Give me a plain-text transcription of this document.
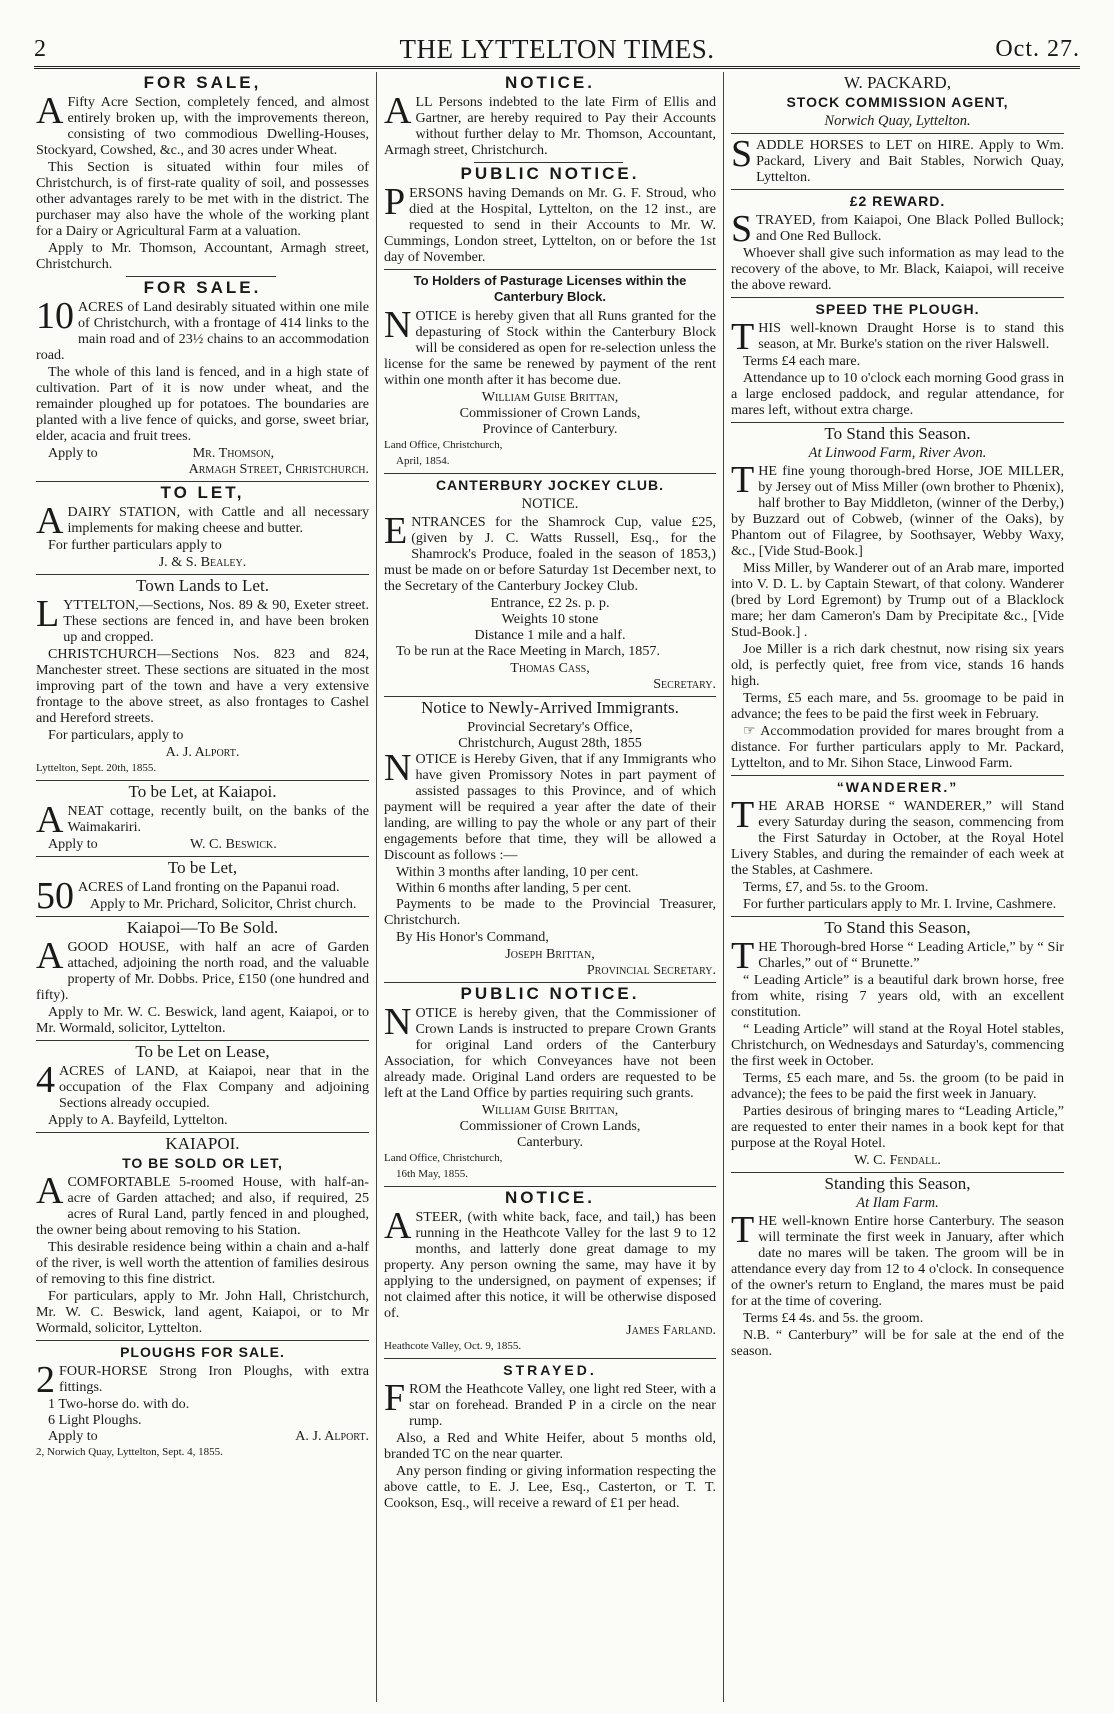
2	THE LYTTELTON TIMES.	Oct. 27.
FOR SALE,

A Fifty Acre Section, completely fenced, and almost entirely broken up, with the improvements thereon, consisting of two commodious Dwelling-Houses, Stockyard, Cowshed, &c., and 30 acres under Wheat.

This Section is situated within four miles of Christchurch, is of first-rate quality of soil, and possesses other advantages rarely to be met with in the district. The purchaser may also have the whole of the working plant for a Dairy or Agricultural Farm at a valuation.

Apply to Mr. Thomson, Accountant, Armagh street, Christchurch.

FOR SALE.

10 ACRES of Land desirably situated within one mile of Christchurch, with a frontage of 414 links to the main road and of 23½ chains to an accommodation road.

The whole of this land is fenced, and in a high state of cultivation. Part of it is now under wheat, and the remainder ploughed up for potatoes. The boundaries are planted with a live fence of quicks, and gorse, sweet briar, elder, acacia and fruit trees.

Apply to	Mr. Thomson,
Armagh Street, Christchurch.
TO LET,

ADAIRY STATION, with Cattle and all necessary implements for making cheese and butter.

For further particulars apply to

J. & S. Bealey.
Town Lands to Let.

LYTTELTON,—Sections, Nos. 89 & 90, Exeter street. These sections are fenced in, and have been broken up and cropped.

CHRISTCHURCH—Sections Nos. 823 and 824, Manchester street. These sections are situated in the most improving part of the town and have a very extensive frontage to the above street, as also frontages to Cashel and Hereford streets.

For particulars, apply to

A. J. Alport.
Lyttelton, Sept. 20th, 1855.
To be Let, at Kaiapoi.

ANEAT cottage, recently built, on the banks of the Waimakariri.

Apply to	W. C. Beswick.
To be Let,

50 ACRES of Land fronting on the Papanui road.

Apply to Mr. Prichard, Solicitor, Christ church.

Kaiapoi—To Be Sold.

AGOOD HOUSE, with half an acre of Garden attached, adjoining the north road, and the valuable property of Mr. Dobbs. Price, £150 (one hundred and fifty).

Apply to Mr. W. C. Beswick, land agent, Kaiapoi, or to Mr. Wormald, solicitor, Lyttelton.

To be Let on Lease,

4 ACRES of LAND, at Kaiapoi, near that in the occupation of the Flax Company and adjoining Sections already occupied.

Apply to A. Bayfeild, Lyttelton.

KAIAPOI.
TO BE SOLD OR LET,

ACOMFORTABLE 5-roomed House, with half-an-acre of Garden attached; and also, if required, 25 acres of Rural Land, partly fenced in and ploughed, the owner being about removing to his Station.

This desirable residence being within a chain and a-half of the river, is well worth the attention of families desirous of removing to this fine district.

For particulars, apply to Mr. John Hall, Christchurch, Mr. W. C. Beswick, land agent, Kaiapoi, or to Mr Wormald, solicitor, Lyttelton.

PLOUGHS FOR SALE.

2 FOUR-HORSE Strong Iron Ploughs, with extra fittings.

1 Two-horse do. with do.
6 Light Ploughs.
Apply to	A. J. Alport.
2, Norwich Quay, Lyttelton, Sept. 4, 1855.
NOTICE.

ALL Persons indebted to the late Firm of Ellis and Gartner, are hereby required to Pay their Accounts without further delay to Mr. Thomson, Accountant, Armagh street, Christchurch.

PUBLIC NOTICE.

PERSONS having Demands on Mr. G. F. Stroud, who died at the Hospital, Lyttelton, on the 12 inst., are requested to send in their Accounts to Mr. W. Cummings, London street, Lyttelton, on or before the 1st day of November.

To Holders of Pasturage Licenses within the Canterbury Block.

NOTICE is hereby given that all Runs granted for the depasturing of Stock within the Canterbury Block will be considered as open for re-selection unless the license for the same be renewed by payment of the rent within one month after it has become due.

William Guise Brittan,
Commissioner of Crown Lands,
Province of Canterbury.
Land Office, Christchurch,
April, 1854.
CANTERBURY JOCKEY CLUB.
NOTICE.

ENTRANCES for the Shamrock Cup, value £25, (given by J. C. Watts Russell, Esq., for the Shamrock's Produce, foaled in the season of 1853,) must be made on or before Saturday 1st December next, to the Secretary of the Canterbury Jockey Club.

Entrance, £2 2s. p. p.
Weights 10 stone
Distance 1 mile and a half.

To be run at the Race Meeting in March, 1857.

Thomas Cass,
Secretary.
Notice to Newly-Arrived Immigrants.
Provincial Secretary's Office,
Christchurch, August 28th, 1855

NOTICE is Hereby Given, that if any Immigrants who have given Promissory Notes in part payment of assisted passages to this Province, and of which payment will be required a year after the date of their landing, are willing to pay the whole or any part of their engagements before that time, they will be allowed a Discount as follows :—

Within 3 months after landing, 10 per cent.
Within 6 months after landing, 5 per cent.

Payments to be made to the Provincial Treasurer, Christchurch.

By His Honor's Command,

Joseph Brittan,
Provincial Secretary.
PUBLIC NOTICE.

NOTICE is hereby given, that the Commissioner of Crown Lands is instructed to prepare Crown Grants for original Land orders of the Canterbury Association, for which Conveyances have not been already made. Original Land orders are requested to be left at the Land Office by parties requiring such grants.

William Guise Brittan,
Commissioner of Crown Lands,
Canterbury.
Land Office, Christchurch,
16th May, 1855.
NOTICE.

ASTEER, (with white back, face, and tail,) has been running in the Heathcote Valley for the last 9 to 12 months, and latterly done great damage to my property. Any person owning the same, may have it by applying to the undersigned, on payment of expenses; if not claimed after this notice, it will be otherwise disposed of.

James Farland.
Heathcote Valley, Oct. 9, 1855.
STRAYED.

FROM the Heathcote Valley, one light red Steer, with a star on forehead. Branded P in a circle on the near rump.

Also, a Red and White Heifer, about 5 months old, branded TC on the near quarter.

Any person finding or giving information respecting the above cattle, to E. J. Lee, Esq., Casterton, or T. T. Cookson, Esq., will receive a reward of £1 per head.

W. PACKARD,
STOCK COMMISSION AGENT,
Norwich Quay, Lyttelton.

SADDLE HORSES to LET on HIRE. Apply to Wm. Packard, Livery and Bait Stables, Norwich Quay, Lyttelton.

£2 REWARD.

STRAYED, from Kaiapoi, One Black Polled Bullock; and One Red Bullock.

Whoever shall give such information as may lead to the recovery of the above, to Mr. Black, Kaiapoi, will receive the above reward.

SPEED THE PLOUGH.

THIS well-known Draught Horse is to stand this season, at Mr. Burke's station on the river Halswell.

Terms £4 each mare.

Attendance up to 10 o'clock each morning Good grass in a large enclosed paddock, and regular attendance, for mares left, without extra charge.

To Stand this Season.
At Linwood Farm, River Avon.

THE fine young thorough-bred Horse, JOE MILLER, by Jersey out of Miss Miller (own brother to Phœnix), half brother to Bay Middleton, (winner of the Derby,) by Buzzard out of Cobweb, (winner of the Oaks), by Phantom out of Filagree, by Soothsayer, Webby Waxy, &c., [Vide Stud-Book.]

Miss Miller, by Wanderer out of an Arab mare, imported into V. D. L. by Captain Stewart, of that colony. Wanderer (bred by Lord Egremont) by Trump out of a Blacklock mare; her dam Cameron's Dam by Precipitate &c., [Vide Stud-Book.] .

Joe Miller is a rich dark chestnut, now rising six years old, is perfectly quiet, free from vice, stands 16 hands high.

Terms, £5 each mare, and 5s. groomage to be paid in advance; the fees to be paid the first week in February.

☞ Accommodation provided for mares brought from a distance. For further particulars apply to Mr. Packard, Lyttelton, and to Mr. Sihon Stace, Linwood Farm.

“WANDERER.”

THE ARAB HORSE “ WANDERER,” will Stand every Saturday during the season, commencing from the First Saturday in October, at the Royal Hotel Livery Stables, and during the remainder of each week at the Stables, at Cashmere.

Terms, £7, and 5s. to the Groom.

For further particulars apply to Mr. I. Irvine, Cashmere.

To Stand this Season,

THE Thorough-bred Horse “ Leading Article,” by “ Sir Charles,” out of “ Brunette.”

“ Leading Article” is a beautiful dark brown horse, free from white, rising 7 years old, with an excellent constitution.

“ Leading Article” will stand at the Royal Hotel stables, Christchurch, on Wednesdays and Saturday's, commencing the first week in October.

Terms, £5 each mare, and 5s. the groom (to be paid in advance); the fees to be paid the first week in January.

Parties desirous of bringing mares to “Leading Article,” are requested to enter their names in a book kept for that purpose at the Royal Hotel.

W. C. Fendall.
Standing this Season,
At Ilam Farm.

THE well-known Entire horse Canterbury. The season will terminate the first week in January, after which date no mares will be taken. The groom will be in attendance every day from 12 to 4 o'clock. In consequence of the owner's return to England, the mares must be paid for at the time of covering.

Terms £4 4s. and 5s. the groom.

N.B. “ Canterbury” will be for sale at the end of the season.
